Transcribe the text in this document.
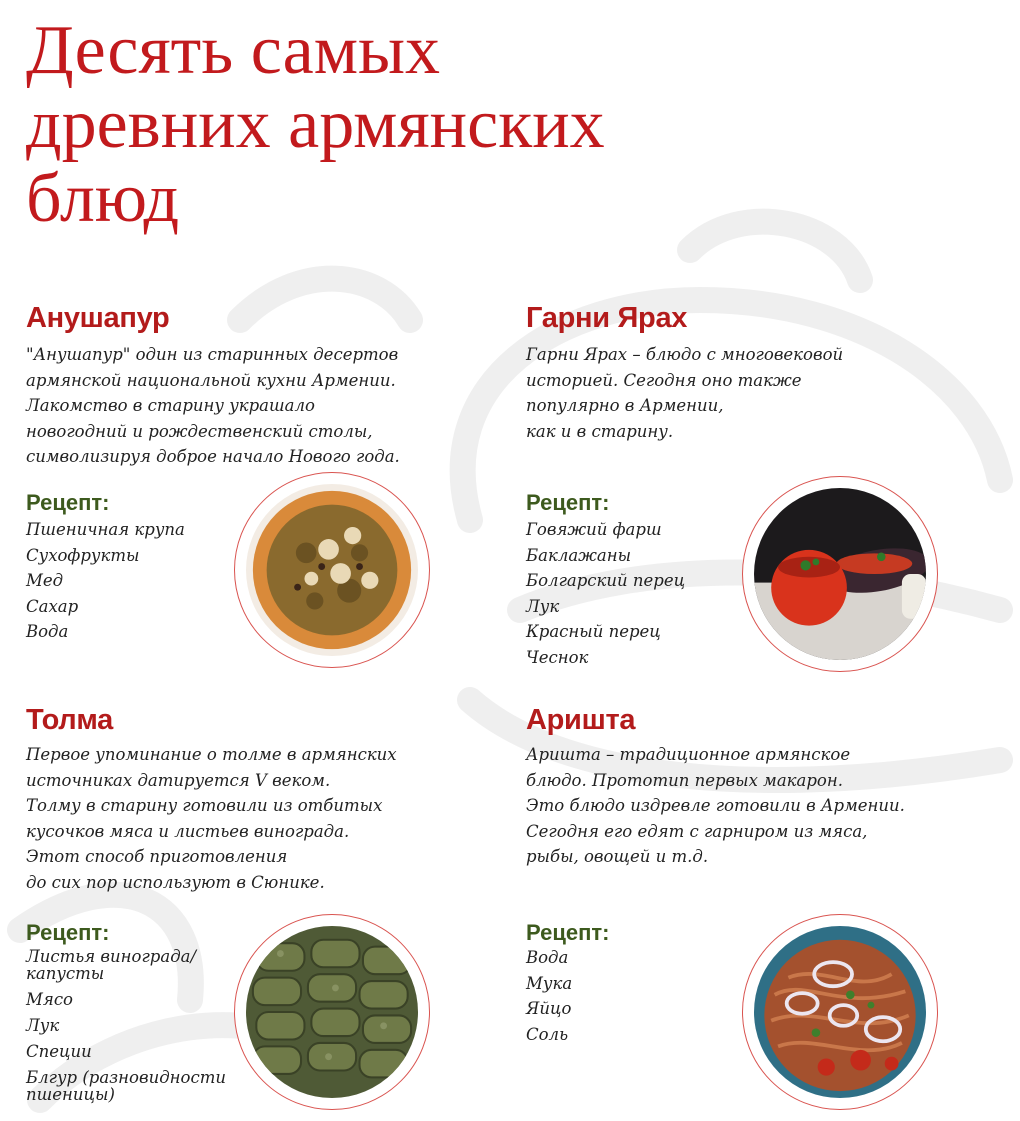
Десять самых
древних армянских
блюд
Анушапур
"Анушапур" один из старинных десертов
армянской национальной кухни Армении.
Лакомство в старину украшало
новогодний и рождественский столы,
символизируя доброе начало Нового года.
Рецепт:
Пшеничная крупа
Сухофрукты
Мед
Сахар
Вода
Гарни Ярах
Гарни Ярах – блюдо с многовековой
историей. Сегодня оно также
популярно в Армении,
как и в старину.
Рецепт:
Говяжий фарш
Баклажаны
Болгарский перец
Лук
Красный перец
Чеснок
Толма
Первое упоминание о толме в армянских
источниках датируется V веком.
Толму в старину готовили из отбитых
кусочков мяса и листьев винограда.
Этот способ приготовления
до сих пор используют в Сюнике.
Рецепт:
Листья винограда/
капусты
Мясо
Лук
Специи
Блгур (разновидности
пшеницы)
Ариштa
Ариштa – традиционное армянское
блюдо. Прототип первых макарон.
Это блюдо издревле готовили в Армении.
Сегодня его едят с гарниром из мяса,
рыбы, овощей и т.д.
Рецепт:
Вода
Мука
Яйцо
Соль
